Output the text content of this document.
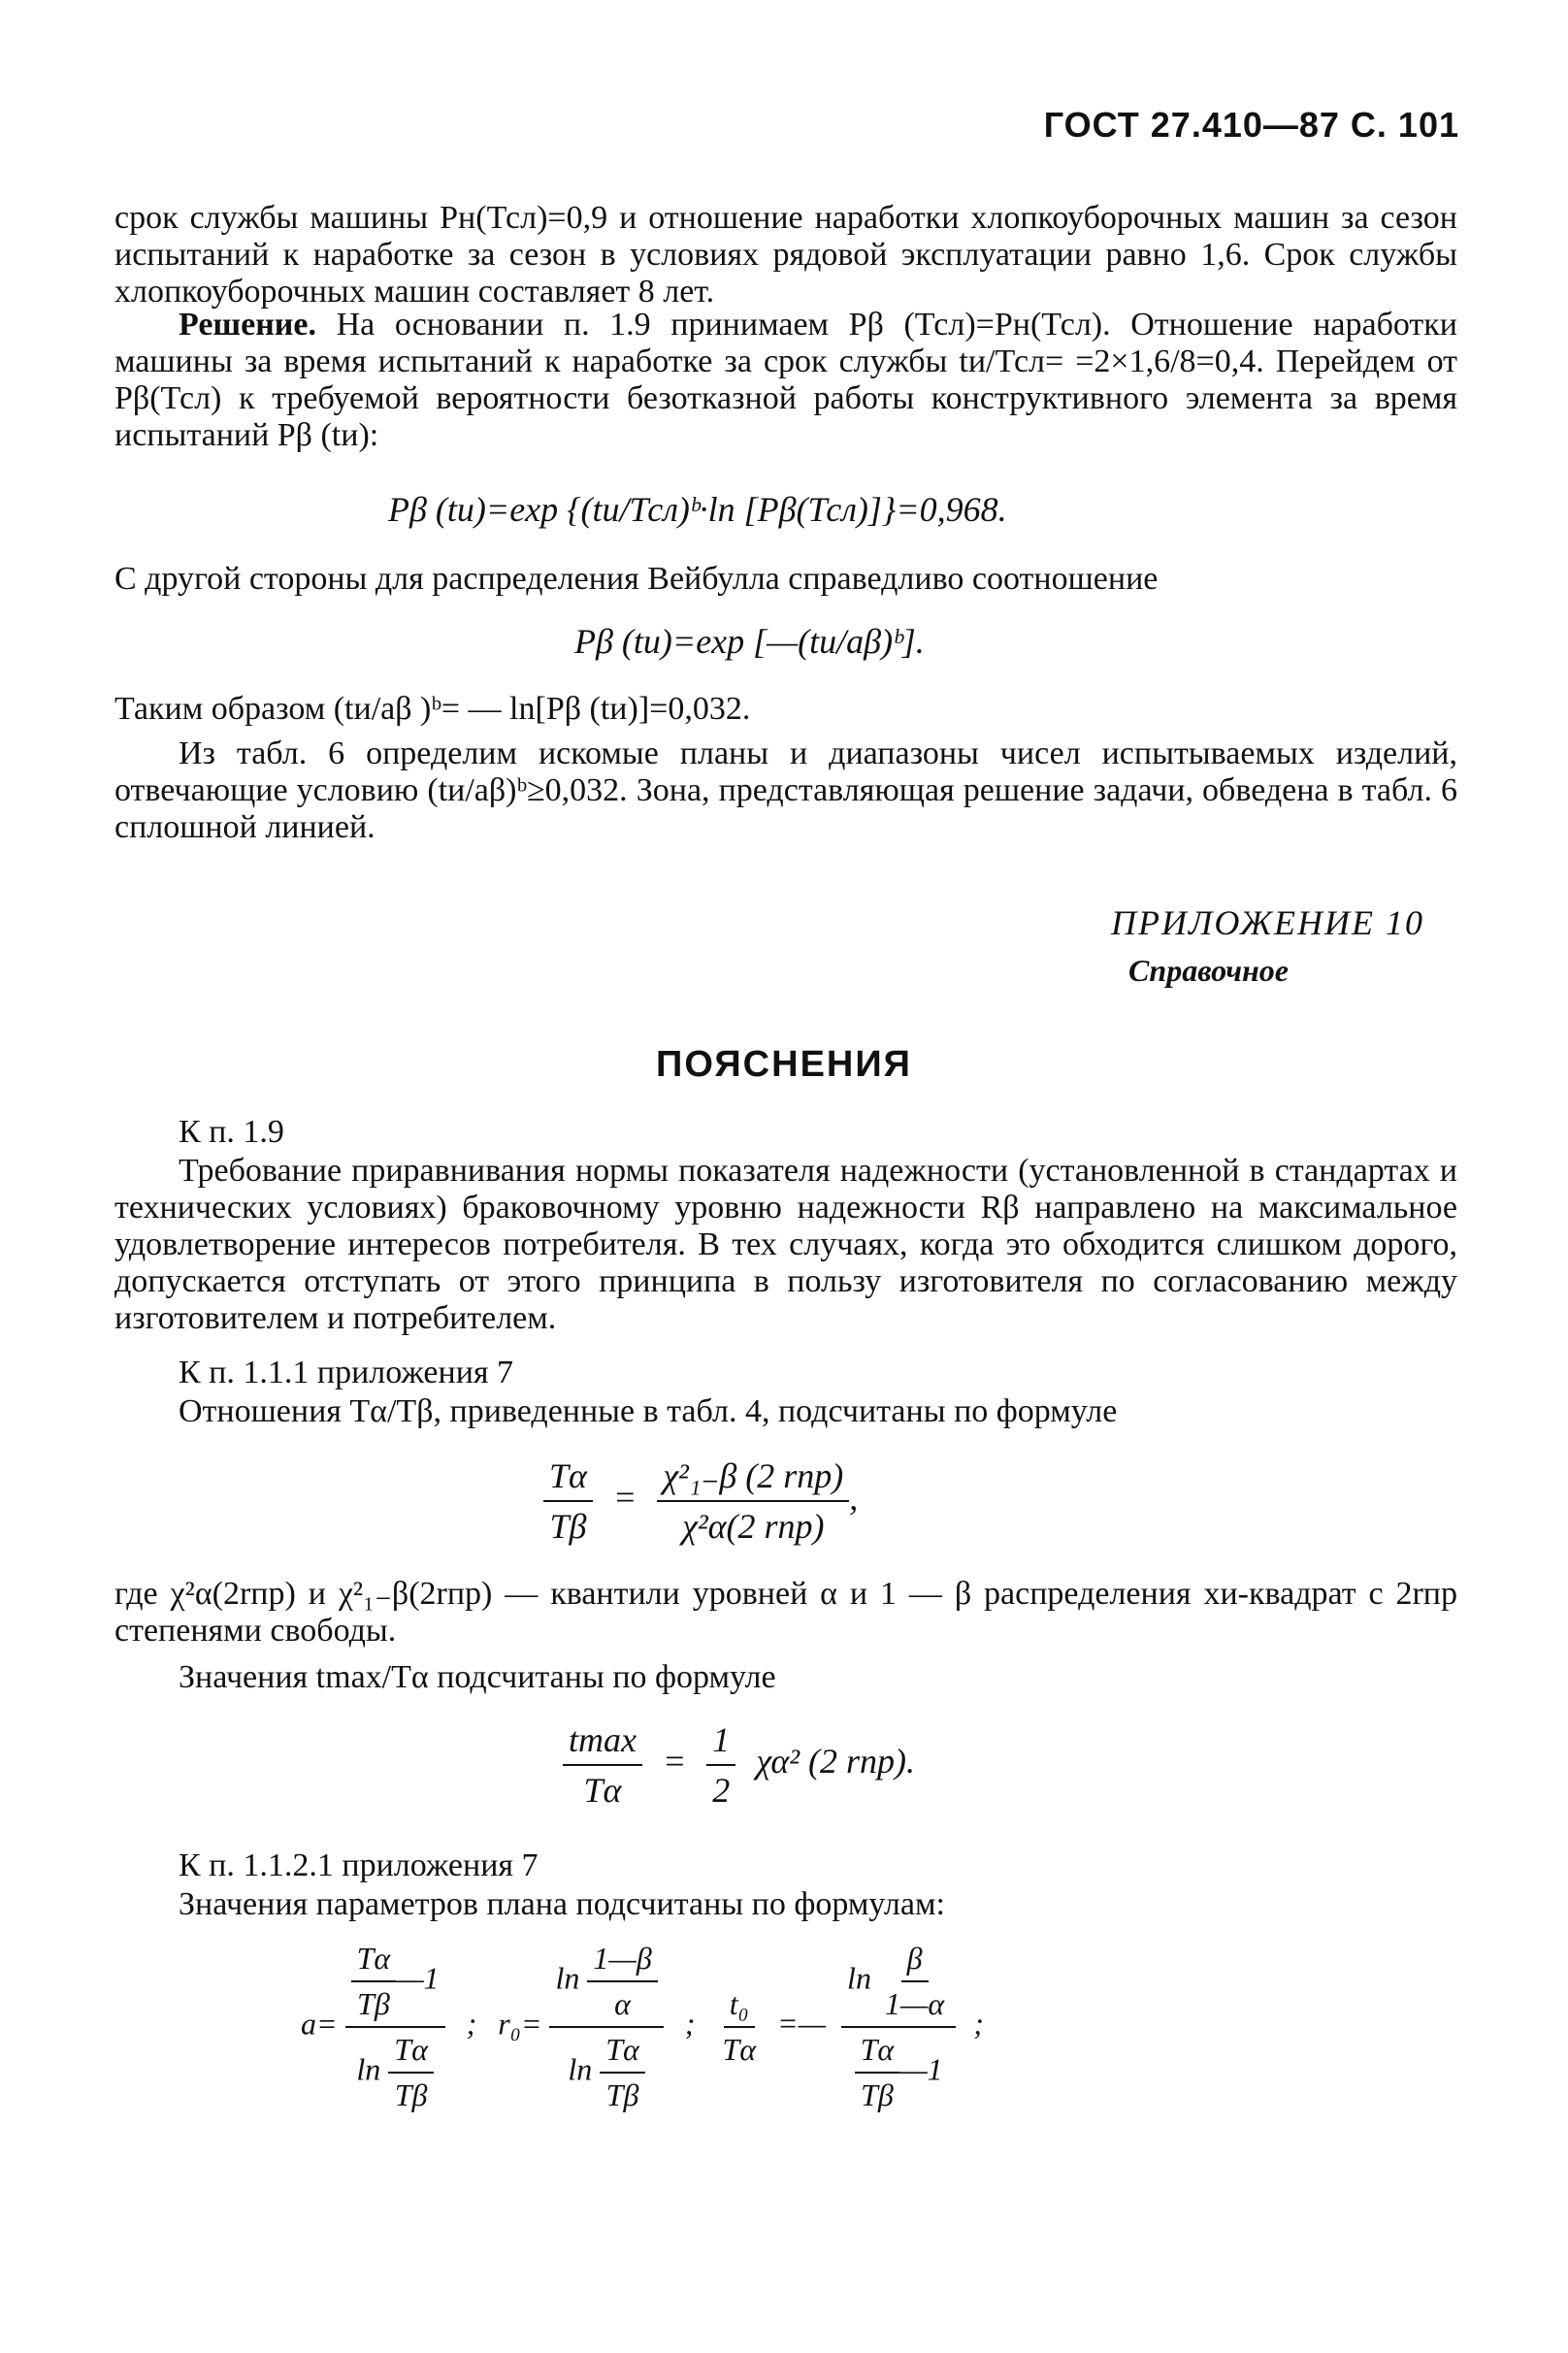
ГОСТ 27.410—87 С. 101

срок службы машины Pн(Тсл)=0,9 и отношение наработки хлопкоуборочных машин за сезон испытаний к наработке за сезон в условиях рядовой эксплуатации равно 1,6. Срок службы хлопкоуборочных машин составляет 8 лет.

Решение. На основании п. 1.9 принимаем Pβ (Тсл)=Pн(Тсл). Отношение наработки машины за время испытаний к наработке за срок службы tи/Тсл= =2×1,6/8=0,4. Перейдем от Pβ(Тсл) к требуемой вероятности безотказной работы конструктивного элемента за время испытаний Pβ (tи):

Pβ (tи)=exp {(tи/Тсл)ᵇ·ln [Pβ(Тсл)]}=0,968.

С другой стороны для распределения Вейбулла справедливо соотношение

Pβ (tи)=exp [—(tи/aβ)ᵇ].

Таким образом (tи/aβ )ᵇ= — ln[Pβ (tи)]=0,032.

Из табл. 6 определим искомые планы и диапазоны чисел испытываемых изделий, отвечающие условию (tи/aβ)ᵇ≥0,032. Зона, представляющая решение задачи, обведена в табл. 6 сплошной линией.

ПРИЛОЖЕНИЕ 10
Справочное
ПОЯСНЕНИЯ

К п. 1.9

Требование приравнивания нормы показателя надежности (установленной в стандартах и технических условиях) браковочному уровню надежности Rβ направлено на максимальное удовлетворение интересов потребителя. В тех случаях, когда это обходится слишком дорого, допускается отступать от этого принципа в пользу изготовителя по согласованию между изготовителем и потребителем.

К п. 1.1.1 приложения 7

Отношения Тα/Тβ, приведенные в табл. 4, подсчитаны по формуле

$\frac{Т\alpha}{Т\beta} = \frac{\text{χ²₁₋β (2 rпр)}}{\text{χ²α(2 rпр)}}$ ,

где χ²α(2rпр) и χ²₁₋β(2rпр) — квантили уровней α и 1 — β распределения хи-квадрат с 2rпр степенями свободы.

Значения tmax/Тα подсчитаны по формуле

$\frac{tmax}{Т\alpha} = \frac{1}{2} \chi\alpha^2$ (2 rпр).

К п. 1.1.2.1 приложения 7

Значения параметров плана подсчитаны по формулам:

$a= \frac{\frac{Т\alpha}{Т\beta} —1}{\ln \frac{Т\alpha}{Т\beta}}$ ; $r_0= \frac{\ln \frac{1—\beta}{\alpha}}{\ln \frac{Т\alpha}{Т\beta}}$ ; $\frac{\text{t₀}}{Т\alpha}$ =— $\frac{\ln \frac{\beta}{1—\alpha}}{\frac{Т\alpha}{Т\beta} —1}$ ;
